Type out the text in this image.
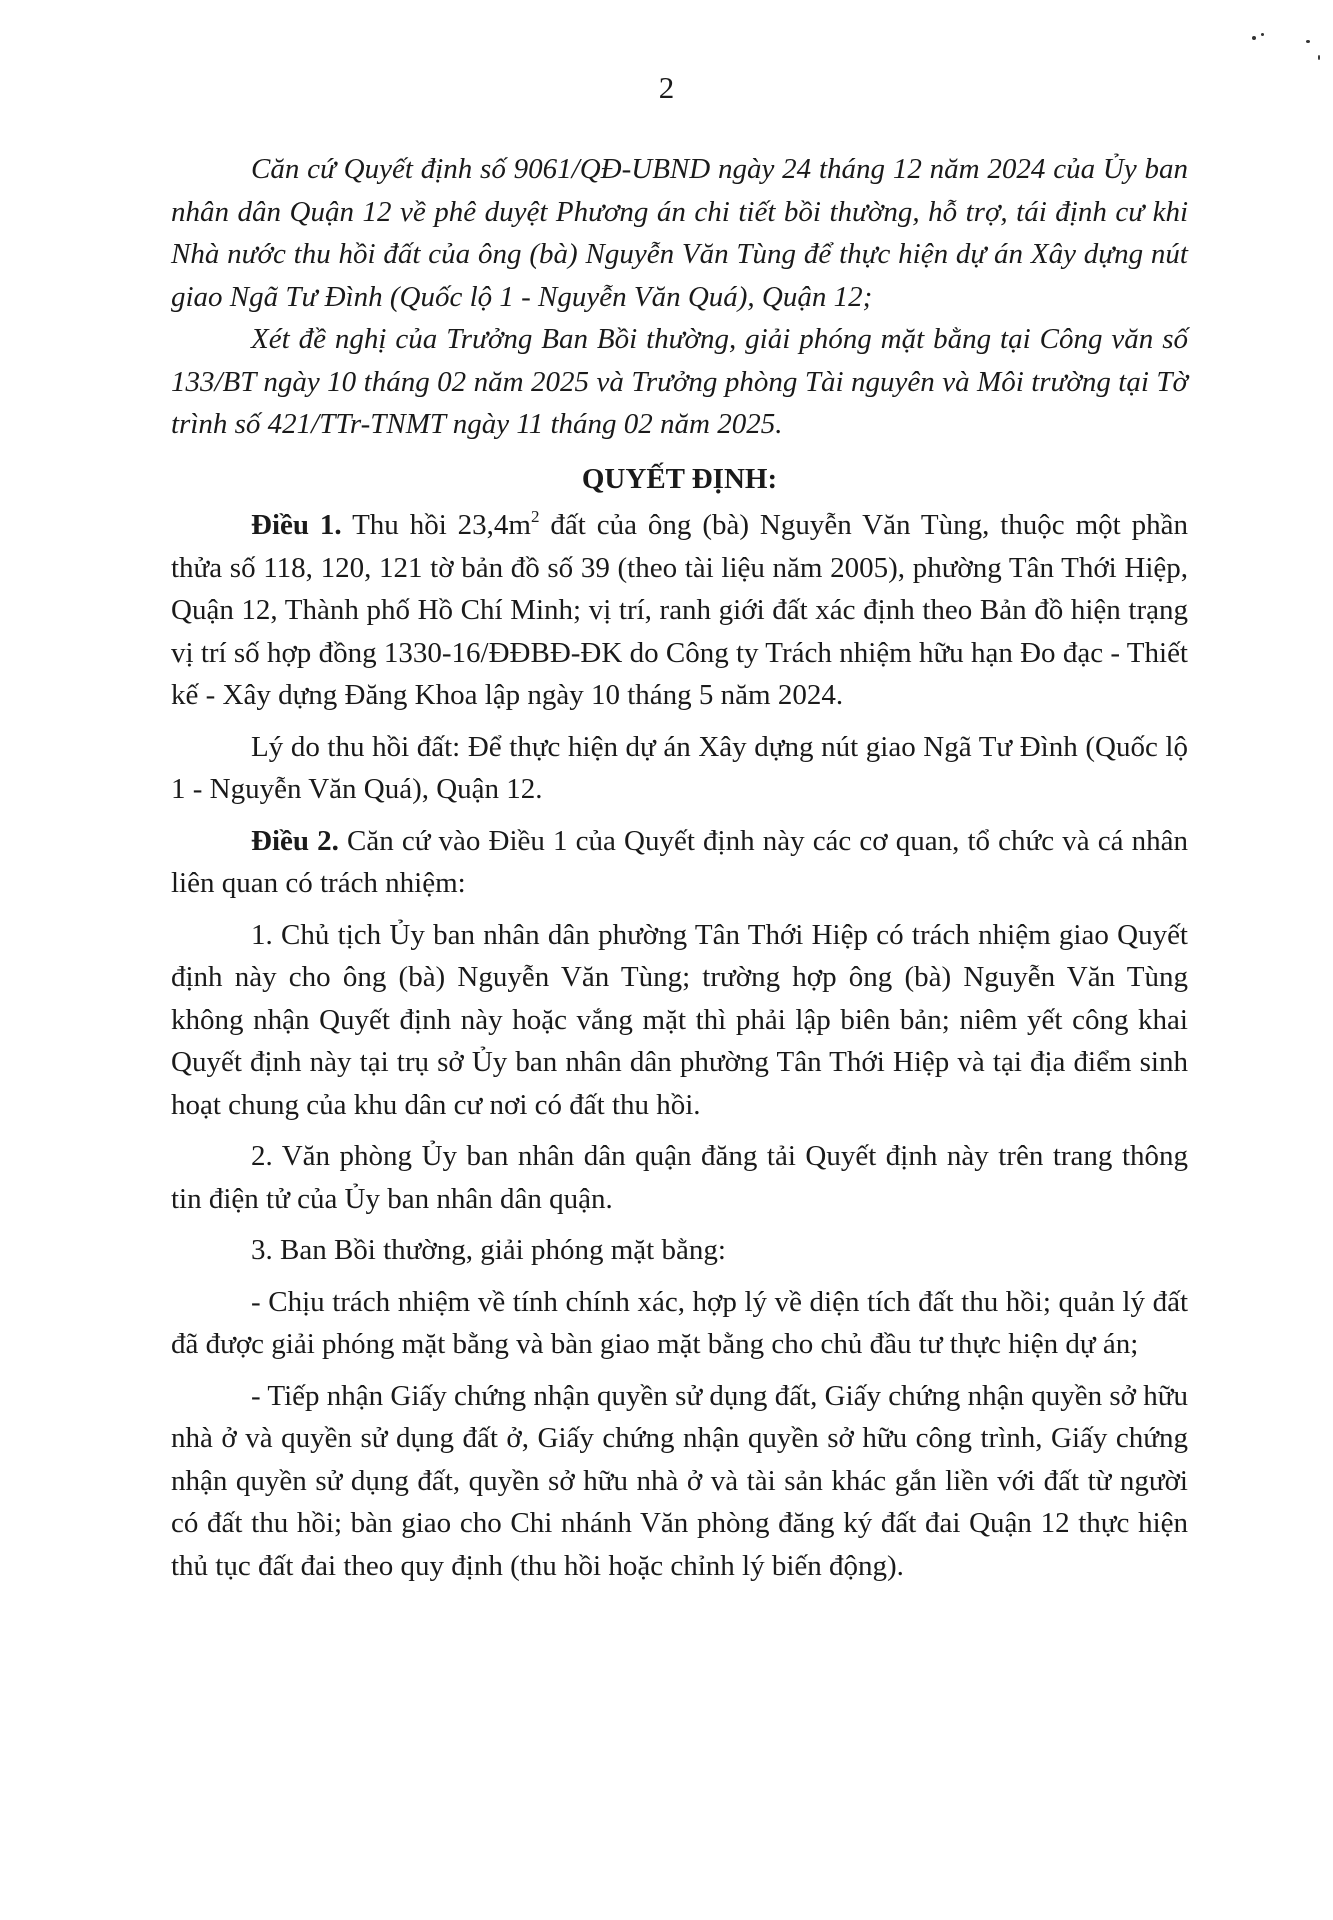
2

Căn cứ Quyết định số 9061/QĐ-UBND ngày 24 tháng 12 năm 2024 của Ủy ban nhân dân Quận 12 về phê duyệt Phương án chi tiết bồi thường, hỗ trợ, tái định cư khi Nhà nước thu hồi đất của ông (bà) Nguyễn Văn Tùng để thực hiện dự án Xây dựng nút giao Ngã Tư Đình (Quốc lộ 1 - Nguyễn Văn Quá), Quận 12;

Xét đề nghị của Trưởng Ban Bồi thường, giải phóng mặt bằng tại Công văn số 133/BT ngày 10 tháng 02 năm 2025 và Trưởng phòng Tài nguyên và Môi trường tại Tờ trình số 421/TTr-TNMT ngày 11 tháng 02 năm 2025.

QUYẾT ĐỊNH:

Điều 1. Thu hồi $23,4m^2$ đất của ông (bà) Nguyễn Văn Tùng, thuộc một phần thửa số 118, 120, 121 tờ bản đồ số 39 (theo tài liệu năm 2005), phường Tân Thới Hiệp, Quận 12, Thành phố Hồ Chí Minh; vị trí, ranh giới đất xác định theo Bản đồ hiện trạng vị trí số hợp đồng 1330-16/ĐĐBĐ-ĐK do Công ty Trách nhiệm hữu hạn Đo đạc - Thiết kế - Xây dựng Đăng Khoa lập ngày 10 tháng 5 năm 2024.

Lý do thu hồi đất: Để thực hiện dự án Xây dựng nút giao Ngã Tư Đình (Quốc lộ 1 - Nguyễn Văn Quá), Quận 12.

Điều 2. Căn cứ vào Điều 1 của Quyết định này các cơ quan, tổ chức và cá nhân liên quan có trách nhiệm:

1. Chủ tịch Ủy ban nhân dân phường Tân Thới Hiệp có trách nhiệm giao Quyết định này cho ông (bà) Nguyễn Văn Tùng; trường hợp ông (bà) Nguyễn Văn Tùng không nhận Quyết định này hoặc vắng mặt thì phải lập biên bản; niêm yết công khai Quyết định này tại trụ sở Ủy ban nhân dân phường Tân Thới Hiệp và tại địa điểm sinh hoạt chung của khu dân cư nơi có đất thu hồi.

2. Văn phòng Ủy ban nhân dân quận đăng tải Quyết định này trên trang thông tin điện tử của Ủy ban nhân dân quận.

3. Ban Bồi thường, giải phóng mặt bằng:

- Chịu trách nhiệm về tính chính xác, hợp lý về diện tích đất thu hồi; quản lý đất đã được giải phóng mặt bằng và bàn giao mặt bằng cho chủ đầu tư thực hiện dự án;

- Tiếp nhận Giấy chứng nhận quyền sử dụng đất, Giấy chứng nhận quyền sở hữu nhà ở và quyền sử dụng đất ở, Giấy chứng nhận quyền sở hữu công trình, Giấy chứng nhận quyền sử dụng đất, quyền sở hữu nhà ở và tài sản khác gắn liền với đất từ người có đất thu hồi; bàn giao cho Chi nhánh Văn phòng đăng ký đất đai Quận 12 thực hiện thủ tục đất đai theo quy định (thu hồi hoặc chỉnh lý biến động).
